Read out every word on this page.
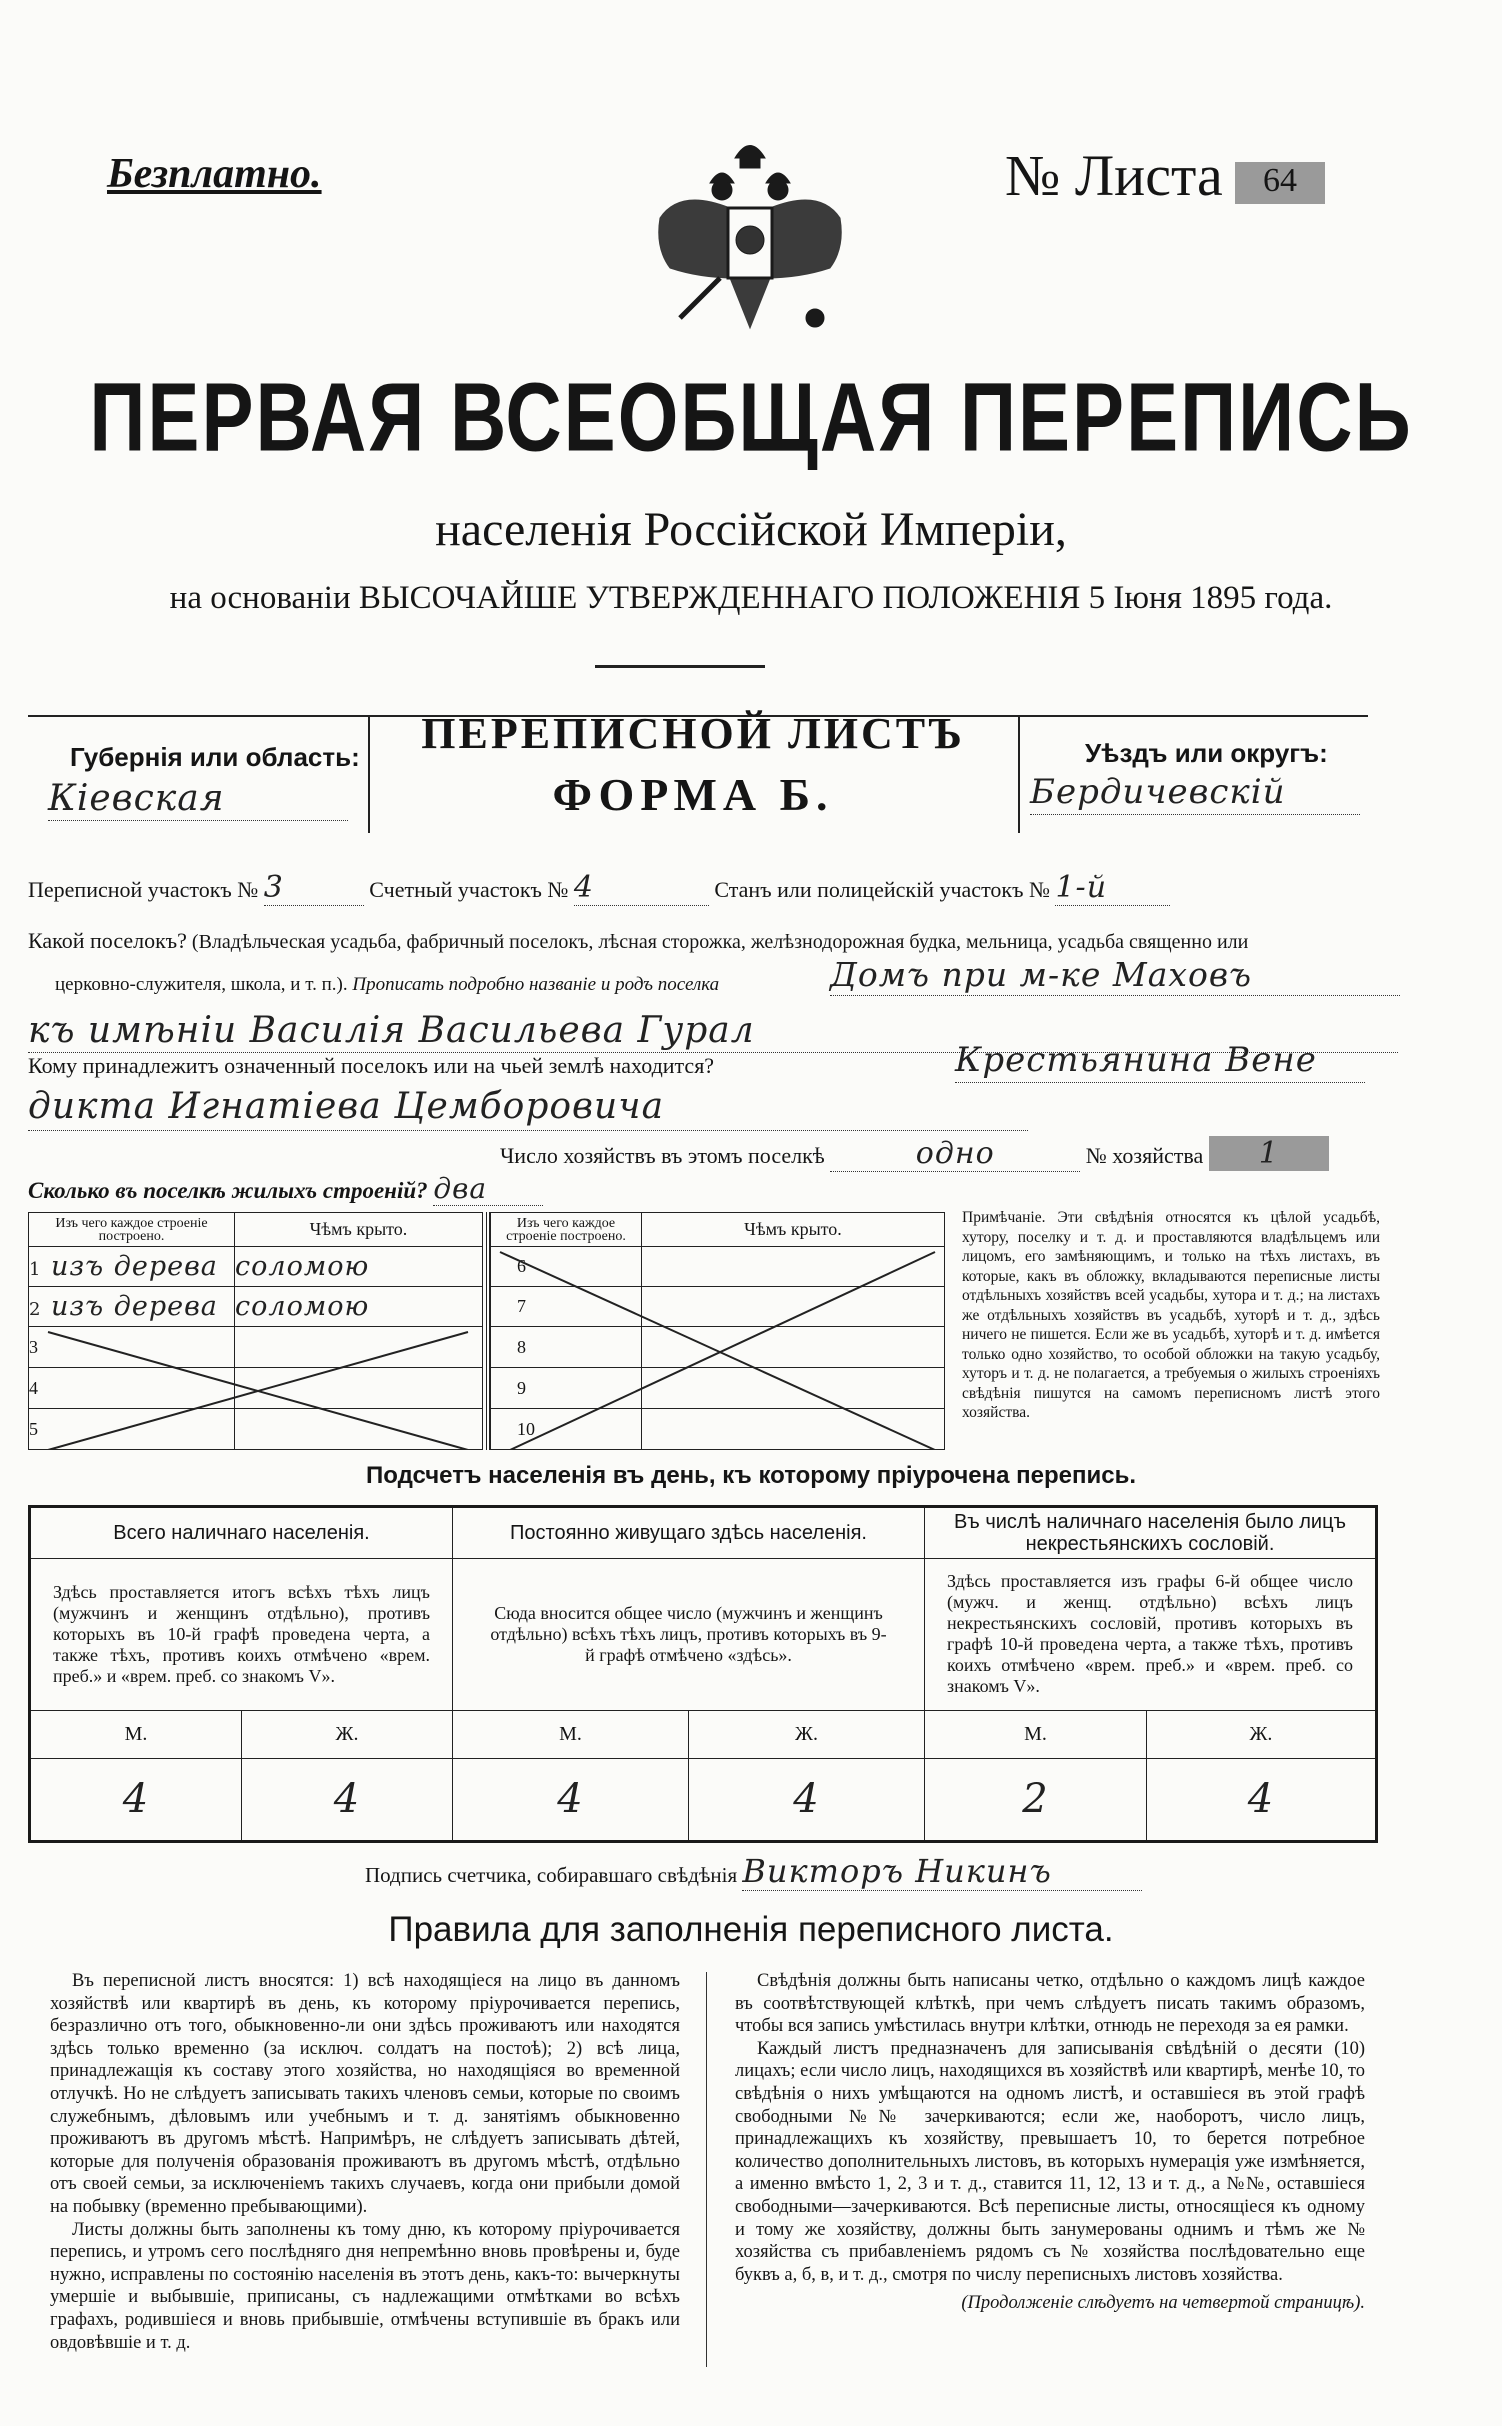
Безплатно.	№ Листа	64
ПЕРВАЯ ВСЕОБЩАЯ ПЕРЕПИСЬ
населенія Россійской Имперіи,
на основаніи ВЫСОЧАЙШЕ УТВЕРЖДЕННАГО ПОЛОЖЕНІЯ 5 Іюня 1895 года.
Губернія или область:
Кіевская
ПЕРЕПИСНОЙ ЛИСТЪ
ФОРМА Б.
Уѣздъ или округъ:
Бердичевскій
Переписной участокъ № 3	Счетный участокъ № 4	Станъ или полицейскій участокъ № 1-й
Какой поселокъ? (Владѣльческая усадьба, фабричный поселокъ, лѣсная сторожка, желѣзнодорожная будка, мельница, усадьба священно или
церковно-служителя, школа, и т. п.). Прописать подробно названіе и родъ поселка	Домъ при м-ке Маховъ
къ имѣніи Василія Васильева Гурал
Кому принадлежитъ означенный поселокъ или на чьей землѣ находится?	Крестьянина Вене
дикта Игнатіева Цемборовича
Число хозяйствъ въ этомъ поселкѣ	одно	№ хозяйства 1
Сколько въ поселкѣ жилыхъ строеній? два
Изъ чего каждое строеніе построено.	Чѣмъ крыто.
1 изъ дерева	соломою
2 изъ дерева	соломою
3	
4	
5	
Изъ чего каждое строеніе построено.	Чѣмъ крыто.
6	
7	
8	
9	
10	
Примѣчаніе. Эти свѣдѣнія относятся къ цѣлой усадьбѣ, хутору, поселку и т. д. и проставляются владѣльцемъ или лицомъ, его замѣняющимъ, и только на тѣхъ листахъ, въ которые, какъ въ обложку, вкладываются переписные листы отдѣльныхъ хозяйствъ всей усадьбы, хутора и т. д.; на листахъ же отдѣльныхъ хозяйствъ въ усадьбѣ, хуторѣ и т. д., здѣсь ничего не пишется. Если же въ усадьбѣ, хуторѣ и т. д. имѣется только одно хозяйство, то особой обложки на такую усадьбу, хуторъ и т. д. не полагается, а требуемыя о жилыхъ строеніяхъ свѣдѣнія пишутся на самомъ переписномъ листѣ этого хозяйства.
Подсчетъ населенія въ день, къ которому пріурочена перепись.
Всего наличнаго населенія.		Постоянно живущаго здѣсь населенія.		Въ числѣ наличнаго населенія было лицъ некрестьянскихъ сословій.	
Здѣсь проставляется итогъ всѣхъ тѣхъ лицъ (мужчинъ и женщинъ отдѣльно), противъ которыхъ въ 10-й графѣ проведена черта, а также тѣхъ, противъ коихъ отмѣчено «врем. преб.» и «врем. преб. со знакомъ V».		Сюда вносится общее число (мужчинъ и женщинъ отдѣльно) всѣхъ тѣхъ лицъ, противъ которыхъ въ 9-й графѣ отмѣчено «здѣсь».		Здѣсь проставляется изъ графы 6-й общее число (мужч. и женщ. отдѣльно) всѣхъ лицъ некрестьянскихъ сословій, противъ которыхъ въ графѣ 10-й проведена черта, а также тѣхъ, противъ коихъ отмѣчено «врем. преб.» и «врем. преб. со знакомъ V».	
М.	Ж.	М.	Ж.	М.	Ж.
4	4	4	4	2	4
Подпись счетчика, собиравшаго свѣдѣнія Викторъ Никинъ
Правила для заполненія переписного листа.

Въ переписной листъ вносятся: 1) всѣ находящіеся на лицо въ данномъ хозяйствѣ или квартирѣ въ день, къ которому пріурочивается перепись, безразлично отъ того, обыкновенно-ли они здѣсь проживаютъ или находятся здѣсь только временно (за исключ. солдатъ на постоѣ); 2) всѣ лица, принадлежащія къ составу этого хозяйства, но находящіяся во временной отлучкѣ. Но не слѣдуетъ записывать такихъ членовъ семьи, которые по своимъ служебнымъ, дѣловымъ или учебнымъ и т. д. занятіямъ обыкновенно проживаютъ въ другомъ мѣстѣ. Напримѣръ, не слѣдуетъ записывать дѣтей, которые для полученія образованія проживаютъ въ другомъ мѣстѣ, отдѣльно отъ своей семьи, за исключеніемъ такихъ случаевъ, когда они прибыли домой на побывку (временно пребывающими).

Листы должны быть заполнены къ тому дню, къ которому пріурочивается перепись, и утромъ сего послѣдняго дня непремѣнно вновь провѣрены и, буде нужно, исправлены по состоянію населенія въ этотъ день, какъ-то: вычеркнуты умершіе и выбывшіе, приписаны, съ надлежащими отмѣтками во всѣхъ графахъ, родившіеся и вновь прибывшіе, отмѣчены вступившіе въ бракъ или овдовѣвшіе и т. д.

Свѣдѣнія должны быть написаны четко, отдѣльно о каждомъ лицѣ каждое въ соотвѣтствующей клѣткѣ, при чемъ слѣдуетъ писать такимъ образомъ, чтобы вся запись умѣстилась внутри клѣтки, отнюдь не переходя за ея рамки.

Каждый листъ предназначенъ для записыванія свѣдѣній о десяти (10) лицахъ; если число лицъ, находящихся въ хозяйствѣ или квартирѣ, менѣе 10, то свѣдѣнія о нихъ умѣщаются на одномъ листѣ, и оставшіеся въ этой графѣ свободными №№ зачеркиваются; если же, наоборотъ, число лицъ, принадлежащихъ къ хозяйству, превышаетъ 10, то берется потребное количество дополнительныхъ листовъ, въ которыхъ нумерація уже измѣняется, а именно вмѣсто 1, 2, 3 и т. д., ставится 11, 12, 13 и т. д., а №№, оставшіеся свободными—зачеркиваются. Всѣ переписные листы, относящіеся къ одному и тому же хозяйству, должны быть занумерованы однимъ и тѣмъ же № хозяйства съ прибавленіемъ рядомъ съ № хозяйства послѣдовательно еще буквъ а, б, в, и т. д., смотря по числу переписныхъ листовъ хозяйства.

(Продолженіе слѣдуетъ на четвертой страницѣ).
